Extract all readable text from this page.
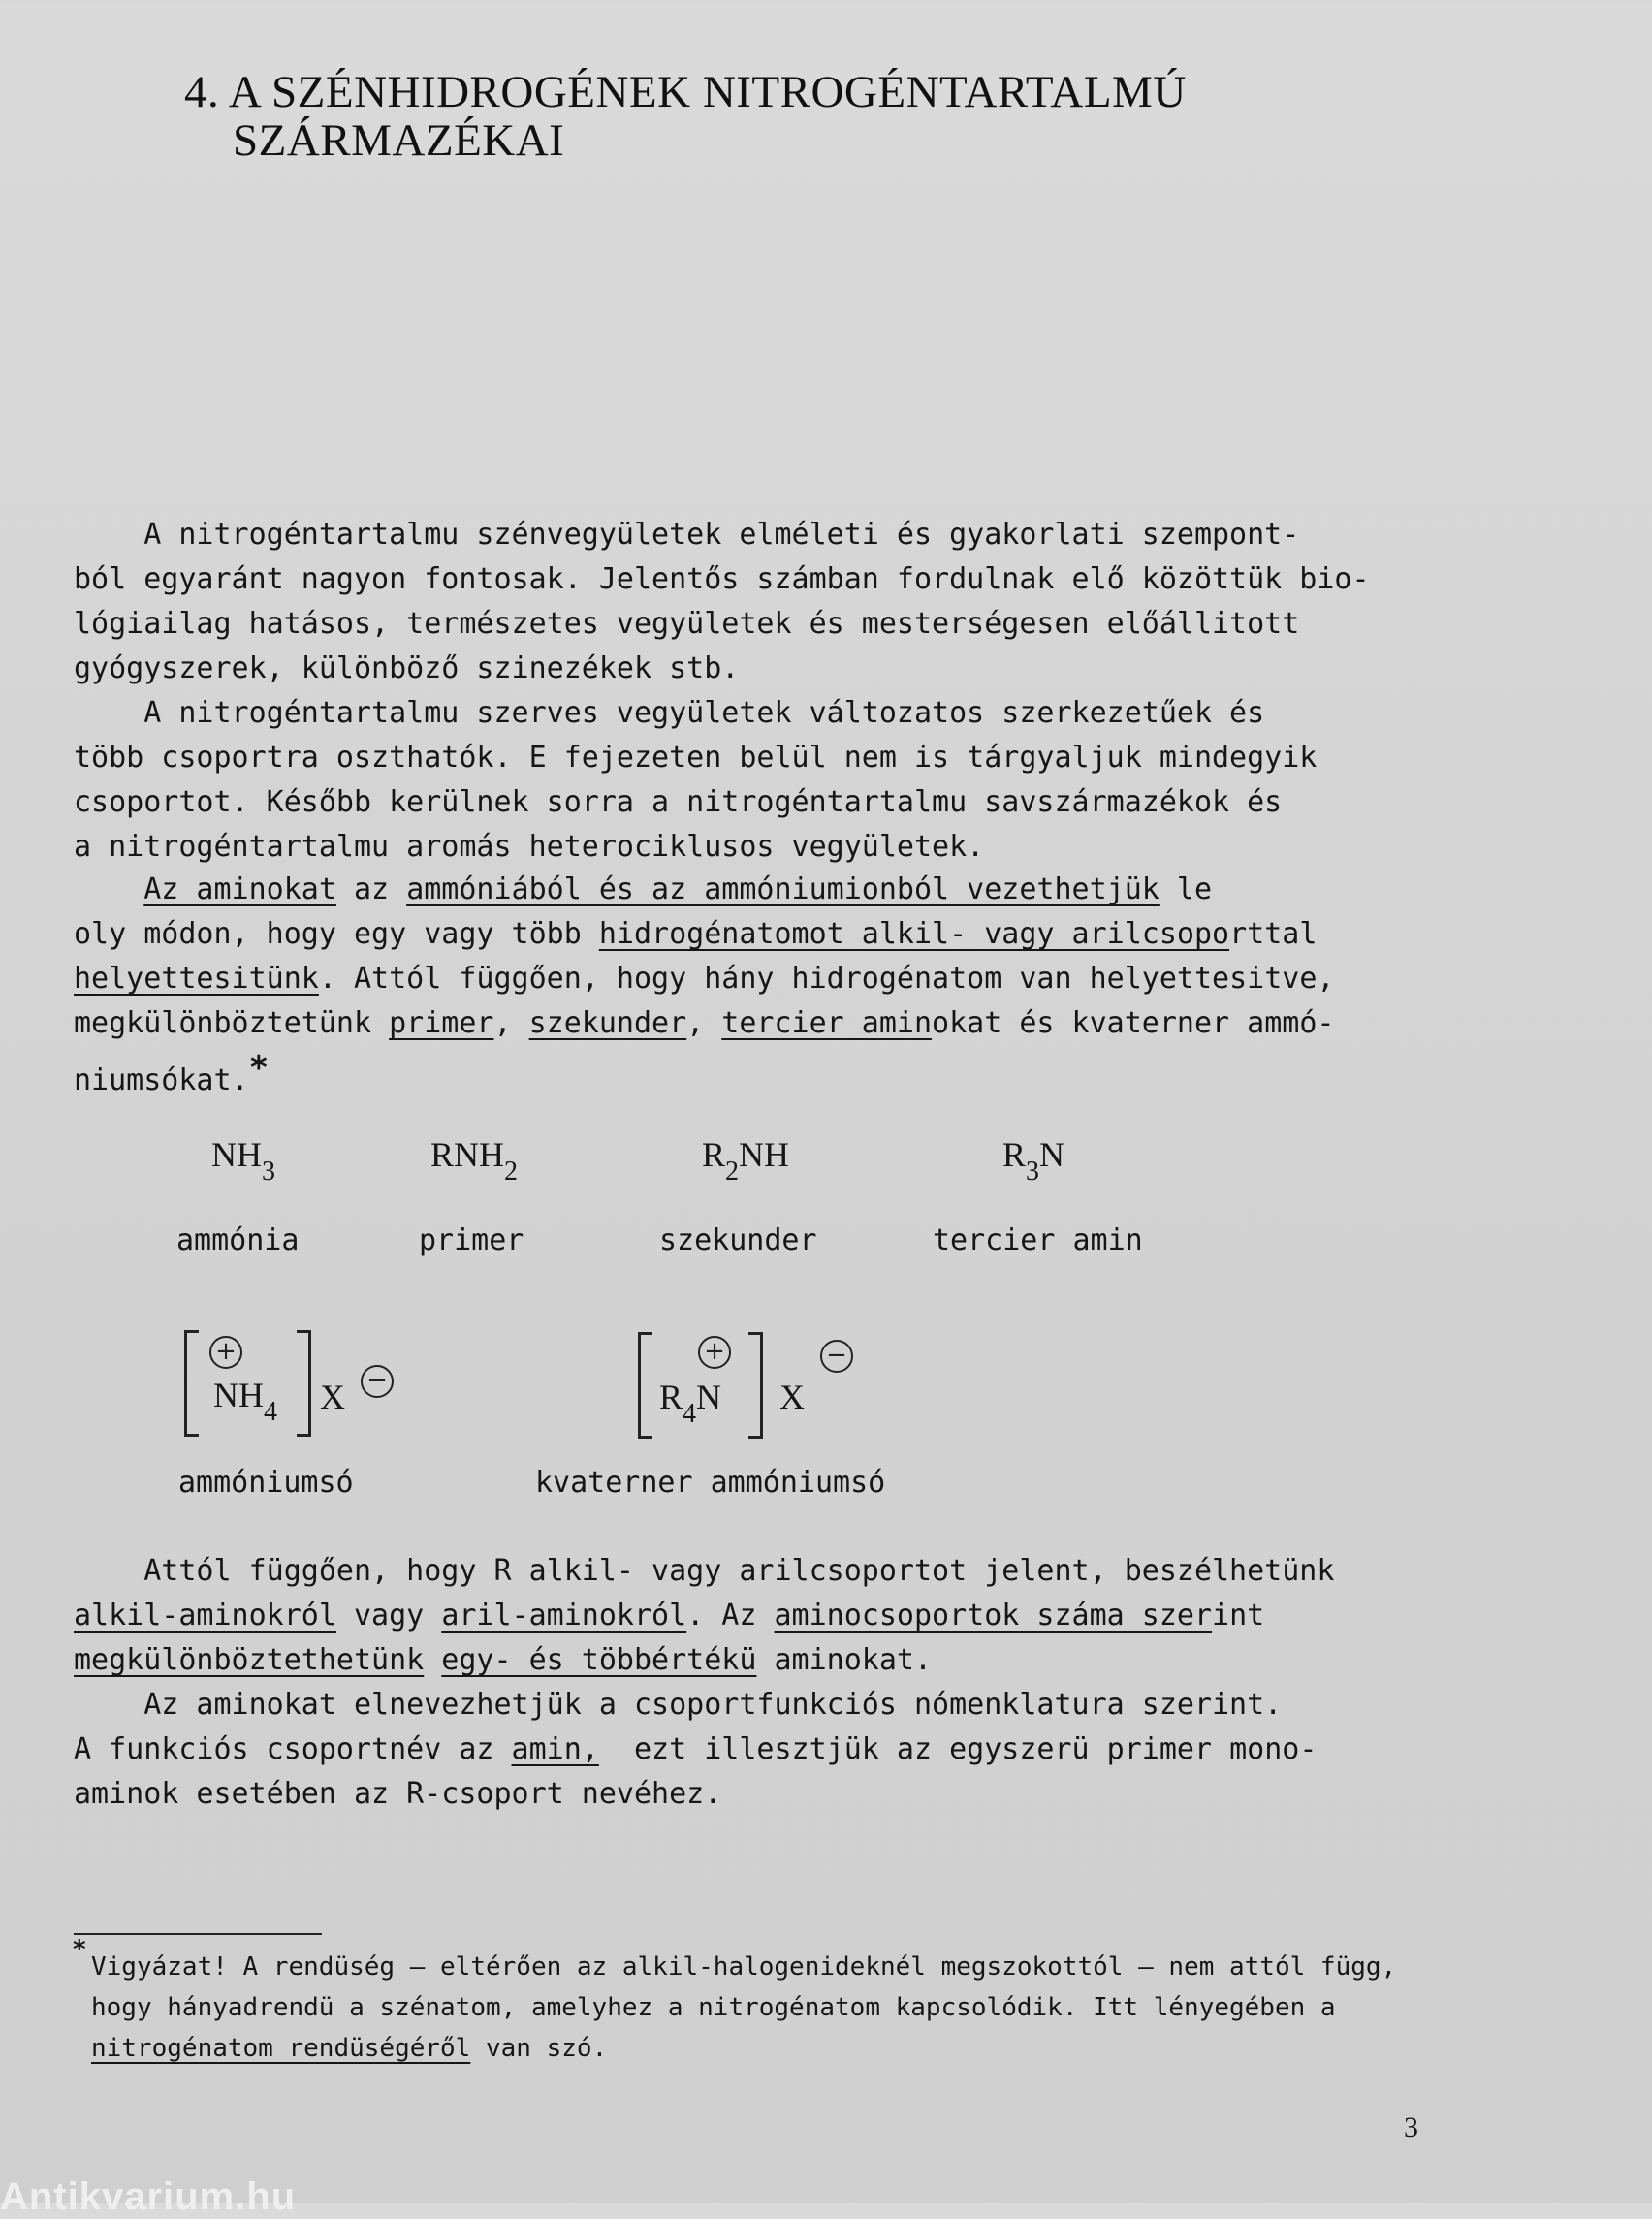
4. A SZÉNHIDROGÉNEK NITROGÉNTARTALMÚ
SZÁRMAZÉKAI
A nitrogéntartalmu szénvegyületek elméleti és gyakorlati szempont-
ból egyaránt nagyon fontosak. Jelentős számban fordulnak elő közöttük bio-
lógiailag hatásos, természetes vegyületek és mesterségesen előállitott
gyógyszerek, különböző szinezékek stb.
A nitrogéntartalmu szerves vegyületek változatos szerkezetűek és
több csoportra oszthatók. E fejezeten belül nem is tárgyaljuk mindegyik
csoportot. Később kerülnek sorra a nitrogéntartalmu savszármazékok és
a nitrogéntartalmu aromás heterociklusos vegyületek.
Az aminokat az ammóniából és az ammóniumionból vezethetjük le
oly módon, hogy egy vagy több hidrogénatomot alkil- vagy arilcsoporttal
helyettesitünk. Attól függően, hogy hány hidrogénatom van helyettesitve,
megkülönböztetünk primer, szekunder, tercier aminokat és kvaterner ammó-
niumsókat.*
$NH_3$	$RNH_2$	$R_2NH$	$R_3N$
ammónia	primer	szekunder	tercier amin
+
$NH_4$ X −
+
$R_4N$ X
−
ammóniumsó	kvaterner ammóniumsó
Attól függően, hogy R alkil- vagy arilcsoportot jelent, beszélhetünk
alkil-aminokról vagy aril-aminokról. Az aminocsoportok száma szerint
megkülönböztethetünk egy- és többértékü aminokat.
Az aminokat elnevezhetjük a csoportfunkciós nómenklatura szerint.
A funkciós csoportnév az amin,  ezt illesztjük az egyszerü primer mono-
aminok esetében az R-csoport nevéhez.
*
Vigyázat! A rendüség – eltérően az alkil-halogenideknél megszokottól – nem attól függ,
hogy hányadrendü a szénatom, amelyhez a nitrogénatom kapcsolódik. Itt lényegében a
nitrogénatom rendüségéről van szó.
3
Antikvarium.hu
